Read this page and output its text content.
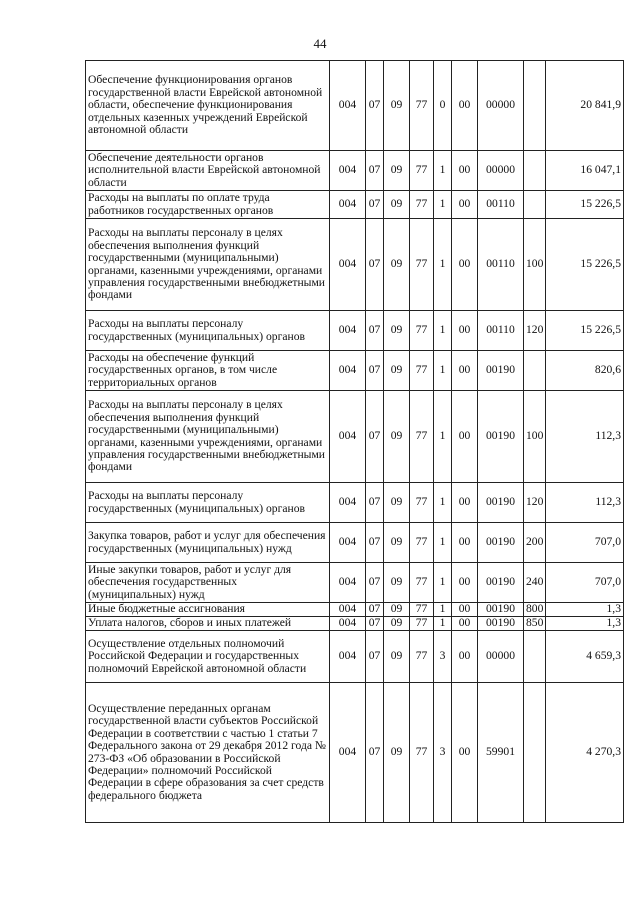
44
Обеспечение функционирования органов государственной власти Еврейской автономной области, обеспечение функционирования отдельных казенных учреждений Еврейской автономной области	004	07	09	77	0	00	00000		20 841,9
Обеспечение деятельности органов исполнительной власти Еврейской автономной области	004	07	09	77	1	00	00000		16 047,1
Расходы на выплаты по оплате труда работников государственных органов	004	07	09	77	1	00	00110		15 226,5
Расходы на выплаты персоналу в целях обеспечения выполнения функций государственными (муниципальными) органами, казенными учреждениями, органами управления государственными внебюджетными фондами	004	07	09	77	1	00	00110	100	15 226,5
Расходы на выплаты персоналу государственных (муниципальных) органов	004	07	09	77	1	00	00110	120	15 226,5
Расходы на обеспечение функций государственных органов, в том числе территориальных органов	004	07	09	77	1	00	00190		820,6
Расходы на выплаты персоналу в целях обеспечения выполнения функций государственными (муниципальными) органами, казенными учреждениями, органами управления государственными внебюджетными фондами	004	07	09	77	1	00	00190	100	112,3
Расходы на выплаты персоналу государственных (муниципальных) органов	004	07	09	77	1	00	00190	120	112,3
Закупка товаров, работ и услуг для обеспечения государственных (муниципальных) нужд	004	07	09	77	1	00	00190	200	707,0
Иные закупки товаров, работ и услуг для обеспечения государственных (муниципальных) нужд	004	07	09	77	1	00	00190	240	707,0
Иные бюджетные ассигнования	004	07	09	77	1	00	00190	800	1,3
Уплата налогов, сборов и иных платежей	004	07	09	77	1	00	00190	850	1,3
Осуществление отдельных полномочий Российской Федерации и государственных полномочий Еврейской автономной области	004	07	09	77	3	00	00000		4 659,3
Осуществление переданных органам государственной власти субъектов Российской Федерации в соответствии с частью 1 статьи 7 Федерального закона от 29 декабря 2012 года № 273-ФЗ «Об образовании в Российской Федерации» полномочий Российской Федерации в сфере образования за счет средств федерального бюджета	004	07	09	77	3	00	59901		4 270,3
